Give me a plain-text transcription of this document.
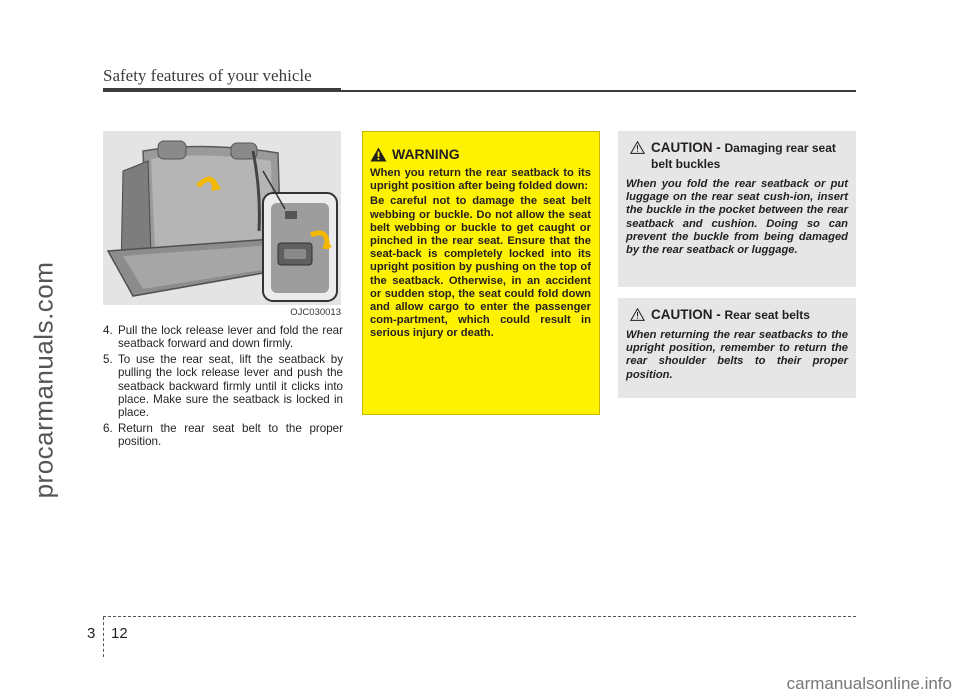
Safety features of your vehicle
procarmanuals.com	OJC030013
4. Pull the lock release lever and fold the rear seatback forward and down firmly.
5. To use the rear seat, lift the seatback by pulling the lock release lever and push the seatback backward firmly until it clicks into place. Make sure the seatback is locked in place.
6. Return the rear seat belt to the proper position.
WARNING

When you return the rear seatback to its upright position after being folded down:

Be careful not to damage the seat belt webbing or buckle. Do not allow the seat belt webbing or buckle to get caught or pinched in the rear seat. Ensure that the seat-back is completely locked into its upright position by pushing on the top of the seatback. Otherwise, in an accident or sudden stop, the seat could fold down and allow cargo to enter the passenger com-partment, which could result in serious injury or death.

CAUTION - Damaging rear seat belt buckles
When you fold the rear seatback or put luggage on the rear seat cush-ion, insert the buckle in the pocket between the rear seatback and cushion. Doing so can prevent the buckle from being damaged by the rear seatback or luggage.
CAUTION - Rear seat belts
When returning the rear seatbacks to the upright position, remember to return the rear shoulder belts to their proper position.
3 12
carmanualsonline.info
